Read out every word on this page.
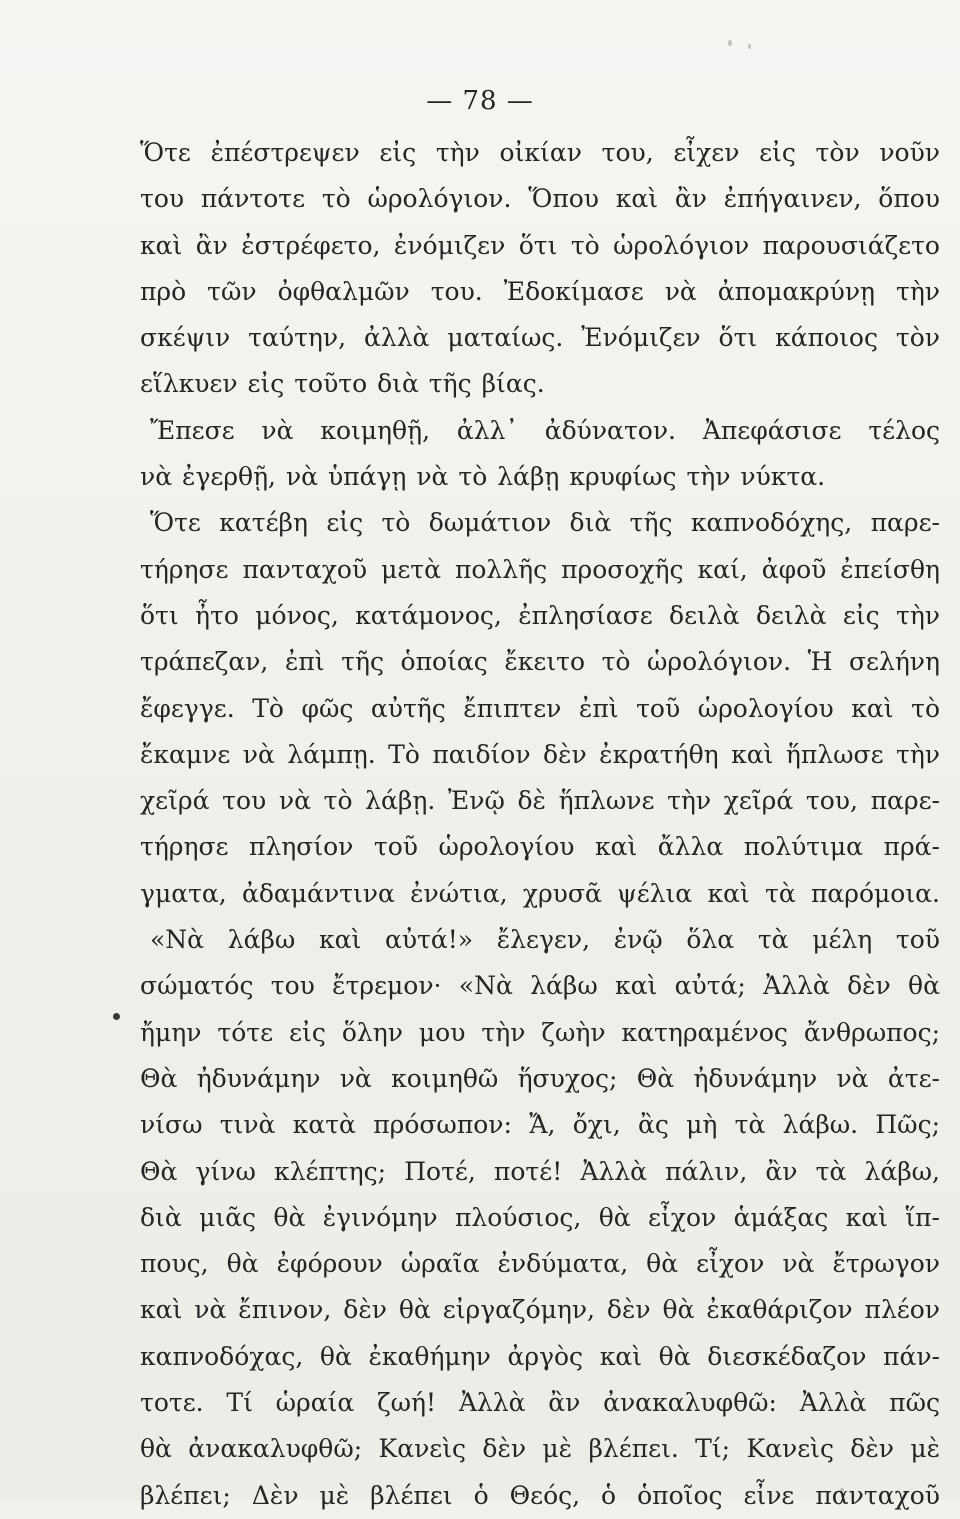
— 78 —
Ὅτε ἐπέστρεψεν εἰς τὴν οἰκίαν του, εἶχεν εἰς τὸν νοῦν
του πάντοτε τὸ ὡρολόγιον. Ὅπου καὶ ἂν ἐπήγαινεν, ὅπου
καὶ ἂν ἐστρέφετο, ἐνόμιζεν ὅτι τὸ ὡρολόγιον παρουσιάζετο
πρὸ τῶν ὀφθαλμῶν του. Ἐδοκίμασε νὰ ἀπομακρύνῃ τὴν
σκέψιν ταύτην, ἀλλὰ ματαίως. Ἐνόμιζεν ὅτι κάποιος τὸν
εἵλκυεν εἰς τοῦτο διὰ τῆς βίας.
Ἔπεσε νὰ κοιμηθῇ, ἀλλ᾽ ἀδύνατον. Ἀπεφάσισε τέλος
νὰ ἐγερθῇ, νὰ ὑπάγῃ νὰ τὸ λάβῃ κρυφίως τὴν νύκτα.
Ὅτε κατέβη εἰς τὸ δωμάτιον διὰ τῆς καπνοδόχης, παρε-
τήρησε πανταχοῦ μετὰ πολλῆς προσοχῆς καί, ἀφοῦ ἐπείσθη
ὅτι ἦτο μόνος, κατάμονος, ἐπλησίασε δειλὰ δειλὰ εἰς τὴν
τράπεζαν, ἐπὶ τῆς ὁποίας ἔκειτο τὸ ὡρολόγιον. Ἡ σελήνη
ἔφεγγε. Τὸ φῶς αὐτῆς ἔπιπτεν ἐπὶ τοῦ ὡρολογίου καὶ τὸ
ἔκαμνε νὰ λάμπῃ. Τὸ παιδίον δὲν ἐκρατήθη καὶ ἥπλωσε τὴν
χεῖρά του νὰ τὸ λάβῃ. Ἐνῷ δὲ ἥπλωνε τὴν χεῖρά του, παρε-
τήρησε πλησίον τοῦ ὡρολογίου καὶ ἄλλα πολύτιμα πρά-
γματα, ἀδαμάντινα ἐνώτια, χρυσᾶ ψέλια καὶ τὰ παρόμοια.
«Νὰ λάβω καὶ αὐτά!» ἔλεγεν, ἐνῷ ὅλα τὰ μέλη τοῦ
σώματός του ἔτρεμον· «Νὰ λάβω καὶ αὐτά; Ἀλλὰ δὲν θὰ
ἤμην τότε εἰς ὅλην μου τὴν ζωὴν κατηραμένος ἄνθρωπος;
Θὰ ἠδυνάμην νὰ κοιμηθῶ ἥσυχος; Θὰ ἠδυνάμην νὰ ἀτε-
νίσω τινὰ κατὰ πρόσωπον: Ἄ, ὄχι, ἂς μὴ τὰ λάβω. Πῶς;
Θὰ γίνω κλέπτης; Ποτέ, ποτέ! Ἀλλὰ πάλιν, ἂν τὰ λάβω,
διὰ μιᾶς θὰ ἐγινόμην πλούσιος, θὰ εἶχον ἁμάξας καὶ ἵπ-
πους, θὰ ἐφόρουν ὡραῖα ἐνδύματα, θὰ εἶχον νὰ ἔτρωγον
καὶ νὰ ἔπινον, δὲν θὰ εἰργαζόμην, δὲν θὰ ἐκαθάριζον πλέον
καπνοδόχας, θὰ ἐκαθήμην ἀργὸς καὶ θὰ διεσκέδαζον πάν-
τοτε. Τί ὡραία ζωή! Ἀλλὰ ἂν ἀνακαλυφθῶ: Ἀλλὰ πῶς
θὰ ἀνακαλυφθῶ; Κανεὶς δὲν μὲ βλέπει. Τί; Κανεὶς δὲν μὲ
βλέπει; Δὲν μὲ βλέπει ὁ Θεός, ὁ ὁποῖος εἶνε πανταχοῦ
